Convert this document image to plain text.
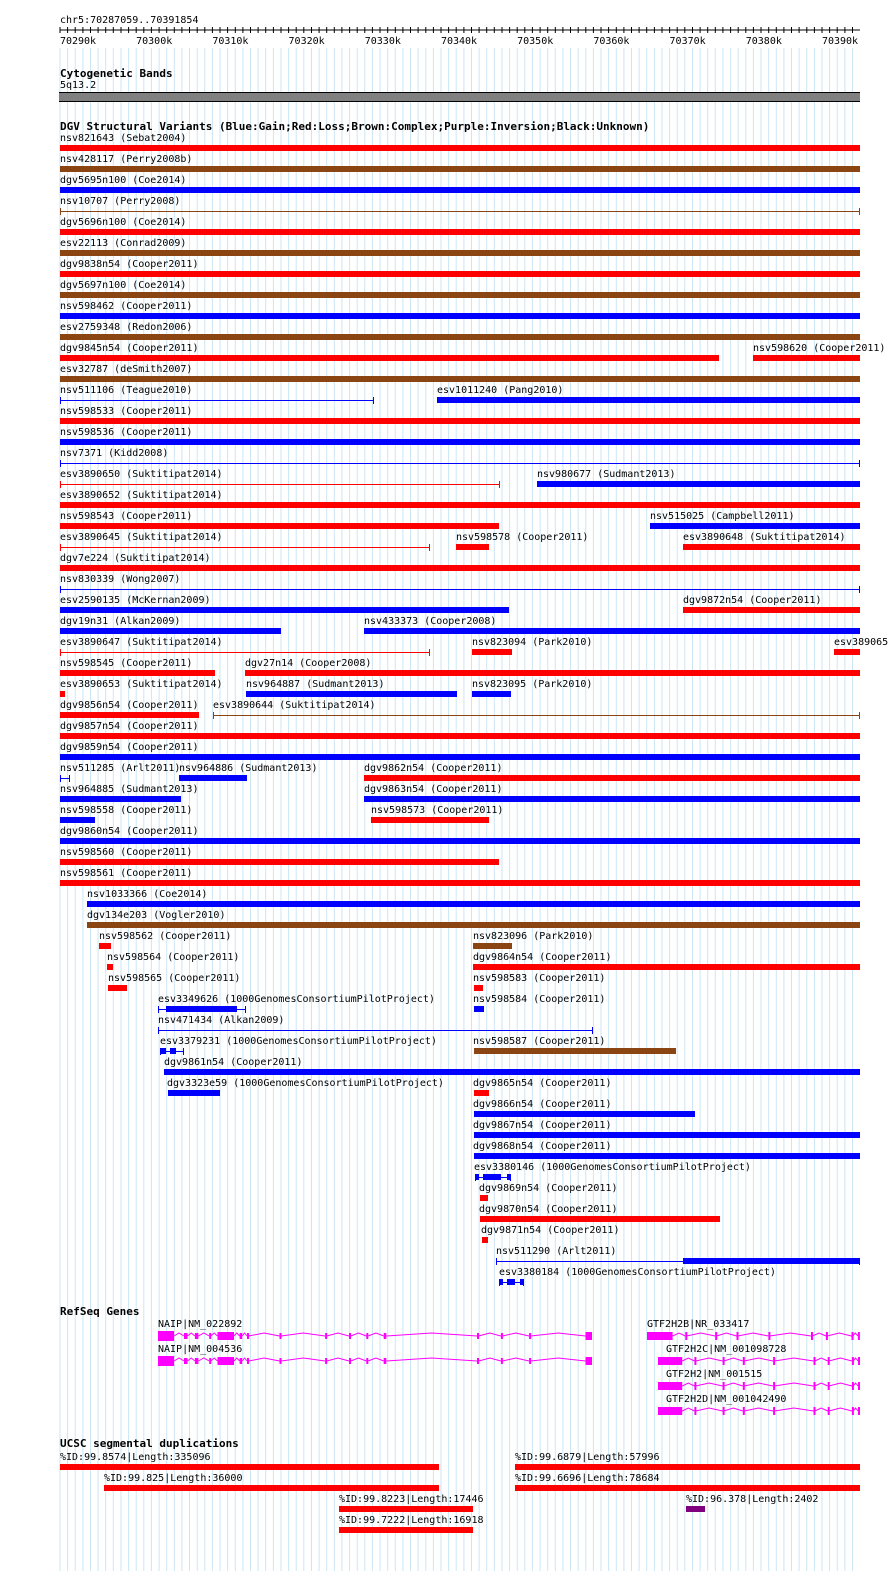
chr5:70287059..70391854
70290k	70300k	70310k	70320k	70330k	70340k	70350k	70360k	70370k	70380k	70390k
Cytogenetic Bands
5q13.2
DGV Structural Variants (Blue:Gain;Red:Loss;Brown:Complex;Purple:Inversion;Black:Unknown)
nsv821643 (Sebat2004)
nsv428117 (Perry2008b)
dgv5695n100 (Coe2014)
nsv10707 (Perry2008)
dgv5696n100 (Coe2014)
esv22113 (Conrad2009)
dgv9838n54 (Cooper2011)
dgv5697n100 (Coe2014)
nsv598462 (Cooper2011)
esv2759348 (Redon2006)
dgv9845n54 (Cooper2011)	nsv598620 (Cooper2011)
esv32787 (deSmith2007)
nsv511106 (Teague2010)	esv1011240 (Pang2010)
nsv598533 (Cooper2011)
nsv598536 (Cooper2011)
nsv7371 (Kidd2008)
esv3890650 (Suktitipat2014)	nsv980677 (Sudmant2013)
esv3890652 (Suktitipat2014)
nsv598543 (Cooper2011)	nsv515025 (Campbell2011)
esv3890645 (Suktitipat2014)	nsv598578 (Cooper2011)	esv3890648 (Suktitipat2014)
dgv7e224 (Suktitipat2014)
nsv830339 (Wong2007)
esv2590135 (McKernan2009)	dgv9872n54 (Cooper2011)
dgv19n31 (Alkan2009)	nsv433373 (Cooper2008)
esv3890647 (Suktitipat2014)	nsv823094 (Park2010)	esv389065
nsv598545 (Cooper2011)	dgv27n14 (Cooper2008)
esv3890653 (Suktitipat2014) nsv964887 (Sudmant2013)	nsv823095 (Park2010)
dgv9856n54 (Cooper2011) esv3890644 (Suktitipat2014)
dgv9857n54 (Cooper2011)
dgv9859n54 (Cooper2011)
nsv511285 (Arlt2011)
nsv964886 (Sudmant2013)	dgv9862n54 (Cooper2011)
nsv964885 (Sudmant2013)	dgv9863n54 (Cooper2011)
nsv598558 (Cooper2011)	nsv598573 (Cooper2011)
dgv9860n54 (Cooper2011)
nsv598560 (Cooper2011)
nsv598561 (Cooper2011)
nsv1033366 (Coe2014)
dgv134e203 (Vogler2010)
nsv598562 (Cooper2011)	nsv823096 (Park2010)
nsv598564 (Cooper2011)	dgv9864n54 (Cooper2011)
nsv598565 (Cooper2011)	nsv598583 (Cooper2011)
esv3349626 (1000GenomesConsortiumPilotProject)	nsv598584 (Cooper2011)
nsv471434 (Alkan2009)
esv3379231 (1000GenomesConsortiumPilotProject)	nsv598587 (Cooper2011)
dgv9861n54 (Cooper2011)
dgv3323e59 (1000GenomesConsortiumPilotProject)	dgv9865n54 (Cooper2011)
dgv9866n54 (Cooper2011)
dgv9867n54 (Cooper2011)
dgv9868n54 (Cooper2011)
esv3380146 (1000GenomesConsortiumPilotProject)
dgv9869n54 (Cooper2011)
dgv9870n54 (Cooper2011)
dgv9871n54 (Cooper2011)
nsv511290 (Arlt2011)
esv3380184 (1000GenomesConsortiumPilotProject)
RefSeq Genes
NAIP|NM_022892
NAIP|NM_004536
GTF2H2B|NR_033417
GTF2H2C|NM_001098728
GTF2H2|NM_001515
GTF2H2D|NM_001042490
UCSC segmental duplications
%ID:99.8574|Length:335096	%ID:99.6879|Length:57996
%ID:99.825|Length:36000	%ID:99.6696|Length:78684
%ID:99.8223|Length:17446	%ID:96.378|Length:2402
%ID:99.7222|Length:16918
